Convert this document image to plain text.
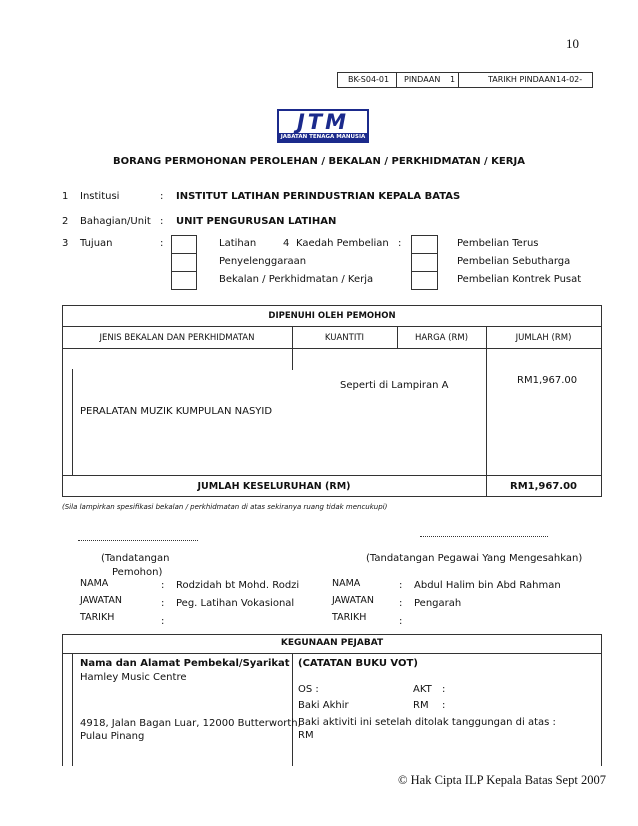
10
BK-S04-01 PINDAAN 1	TARIKH PINDAAN 14-02-
JTM
JABATAN TENAGA MANUSIA
BORANG PERMOHONAN PEROLEHAN / BEKALAN / PERKHIDMATAN / KERJA
1 Institusi	: INSTITUT LATIHAN PERINDUSTRIAN KEPALA BATAS
2 Bahagian/Unit : UNIT PENGURUSAN LATIHAN
3 Tujuan	:	Latihan
Penyelenggaraan
Bekalan / Perkhidmatan / Kerja
4 Kaedah Pembelian :	Pembelian Terus
Pembelian Sebutharga
Pembelian Kontrek Pusat
DIPENUHI OLEH PEMOHON
JENIS BEKALAN DAN PERKHIDMATAN	KUANTITI	HARGA (RM)	JUMLAH (RM)
Seperti di Lampiran A	RM1,967.00
PERALATAN MUZIK KUMPULAN NASYID
JUMLAH KESELURUHAN (RM)	RM1,967.00
(Sila lampirkan spesifikasi bekalan / perkhidmatan di atas sekiranya ruang tidak mencukupi)
(Tandatangan
Pemohon)
(Tandatangan Pegawai Yang Mengesahkan)
NAMA	: Rodzidah bt Mohd. Rodzi
JAWATAN	: Peg. Latihan Vokasional
TARIKH	:
NAMA	: Abdul Halim bin Abd Rahman
JAWATAN	: Pengarah
TARIKH	:
KEGUNAAN PEJABAT
Nama dan Alamat Pembekal/Syarikat
Hamley Music Centre
4918, Jalan Bagan Luar, 12000 Butterworth,
Pulau Pinang
(CATATAN BUKU VOT)
OS :	AKT :
Baki Akhir	RM :
Baki aktiviti ini setelah ditolak tanggungan di atas :
RM
© Hak Cipta ILP Kepala Batas Sept 2007
